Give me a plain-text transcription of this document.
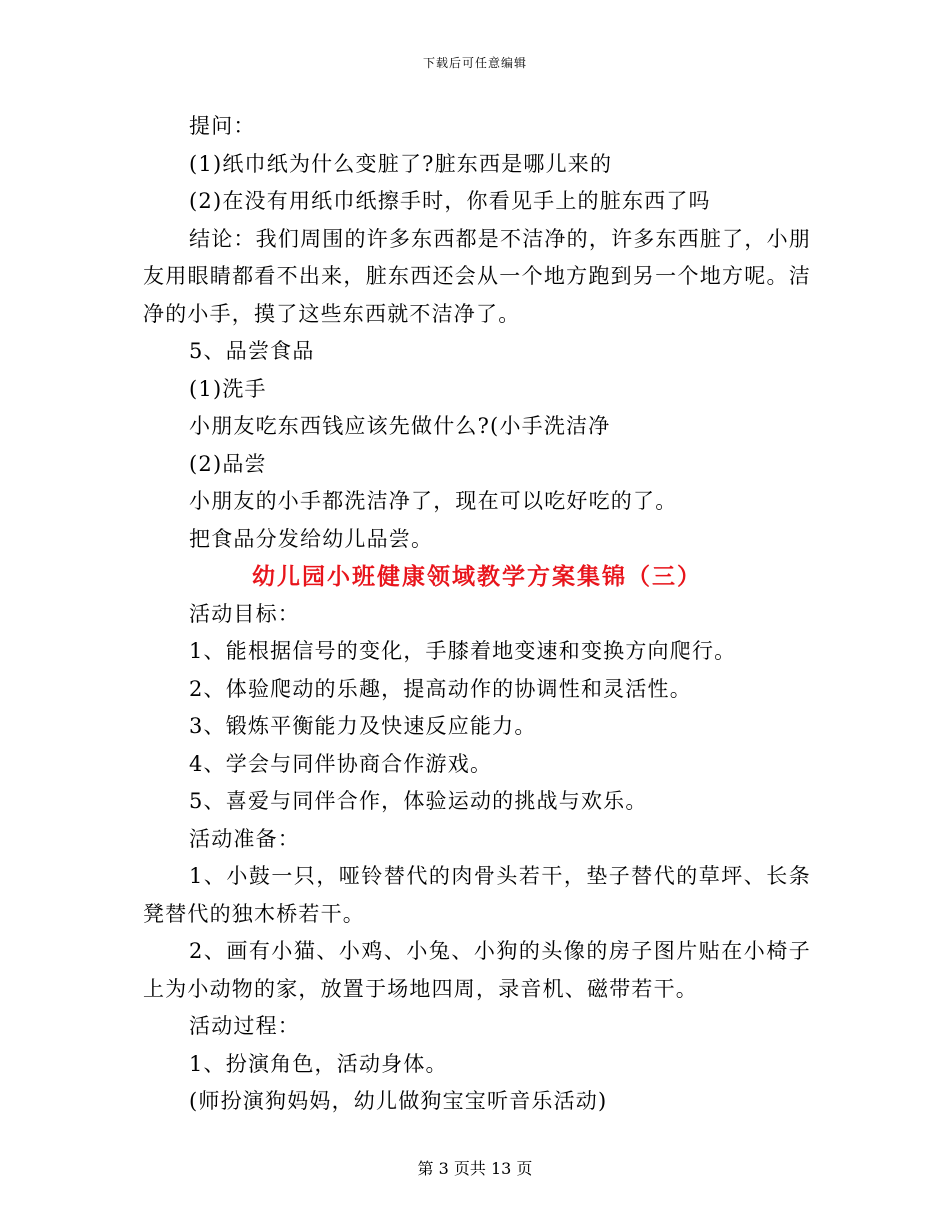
下载后可任意编辑
提问：
(1)纸巾纸为什么变脏了?脏东西是哪儿来的
(2)在没有用纸巾纸擦手时，你看见手上的脏东西了吗
结论：我们周围的许多东西都是不洁净的，许多东西脏了，小朋友用眼睛都看不出来，脏东西还会从一个地方跑到另一个地方呢。洁净的小手，摸了这些东西就不洁净了。
5、品尝食品
(1)洗手
小朋友吃东西钱应该先做什么?(小手洗洁净
(2)品尝
小朋友的小手都洗洁净了，现在可以吃好吃的了。
把食品分发给幼儿品尝。
幼儿园小班健康领域教学方案集锦（三）
活动目标：
1、能根据信号的变化，手膝着地变速和变换方向爬行。
2、体验爬动的乐趣，提高动作的协调性和灵活性。
3、锻炼平衡能力及快速反应能力。
4、学会与同伴协商合作游戏。
5、喜爱与同伴合作，体验运动的挑战与欢乐。
活动准备：
1、小鼓一只，哑铃替代的肉骨头若干，垫子替代的草坪、长条凳替代的独木桥若干。
2、画有小猫、小鸡、小兔、小狗的头像的房子图片贴在小椅子上为小动物的家，放置于场地四周，录音机、磁带若干。
活动过程：
1、扮演角色，活动身体。
(师扮演狗妈妈，幼儿做狗宝宝听音乐活动)
第 3 页共 13 页
